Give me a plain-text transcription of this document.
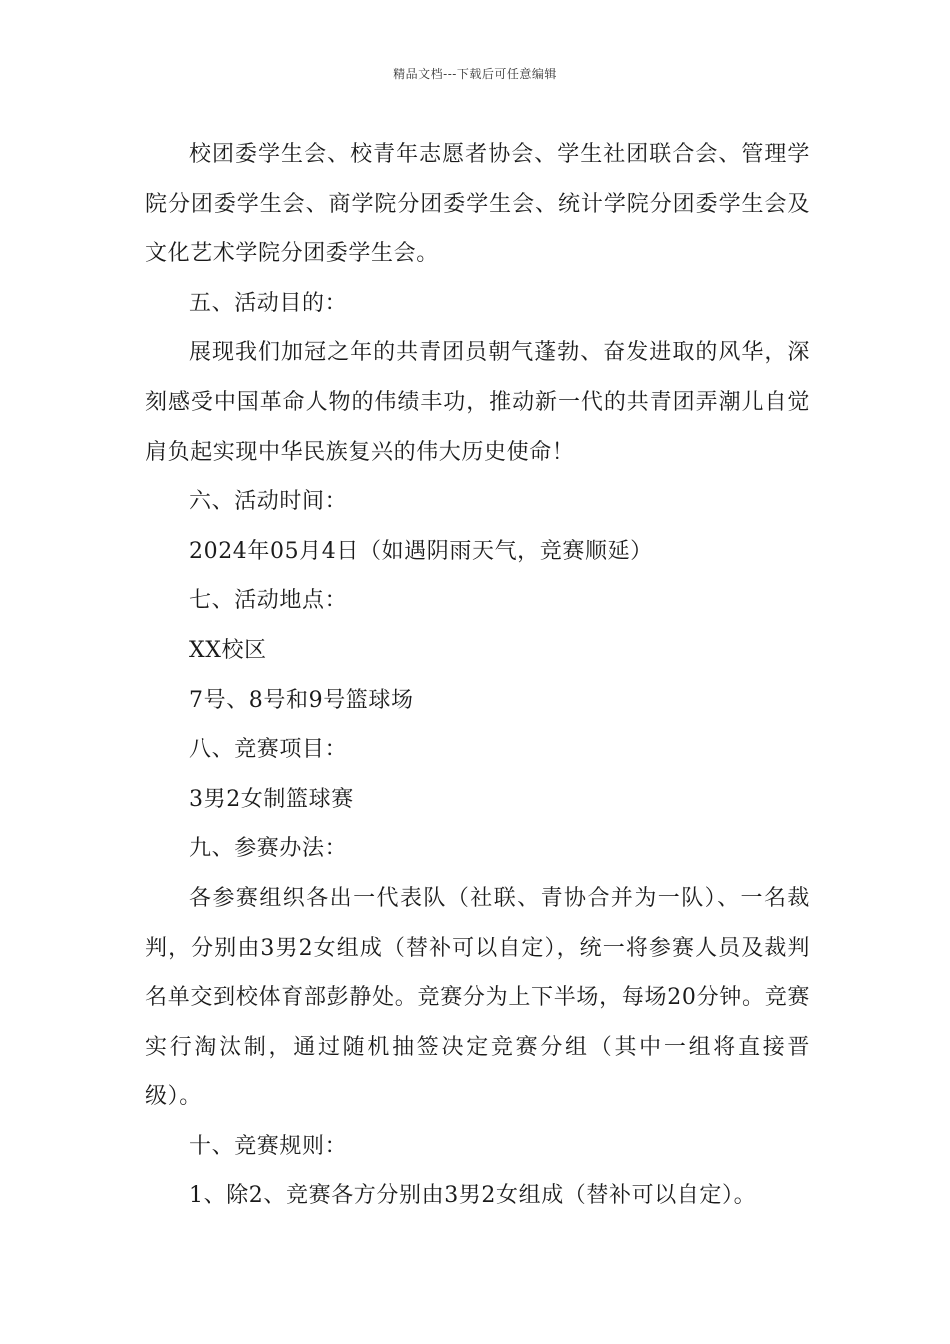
精品文档---下载后可任意编辑

校团委学生会、校青年志愿者协会、学生社团联合会、管理学院分团委学生会、商学院分团委学生会、统计学院分团委学生会及文化艺术学院分团委学生会。

五、活动目的：

展现我们加冠之年的共青团员朝气蓬勃、奋发进取的风华，深刻感受中国革命人物的伟绩丰功，推动新一代的共青团弄潮儿自觉肩负起实现中华民族复兴的伟大历史使命！

六、活动时间：

2024年05月4日（如遇阴雨天气，竞赛顺延）

七、活动地点：

XX校区

7号、8号和9号篮球场

八、竞赛项目：

3男2女制篮球赛

九、参赛办法：

各参赛组织各出一代表队（社联、青协合并为一队）、一名裁判，分别由3男2女组成（替补可以自定），统一将参赛人员及裁判名单交到校体育部彭静处。竞赛分为上下半场，每场20分钟。竞赛实行淘汰制，通过随机抽签决定竞赛分组（其中一组将直接晋级）。

十、竞赛规则：

1、除2、竞赛各方分别由3男2女组成（替补可以自定）。
